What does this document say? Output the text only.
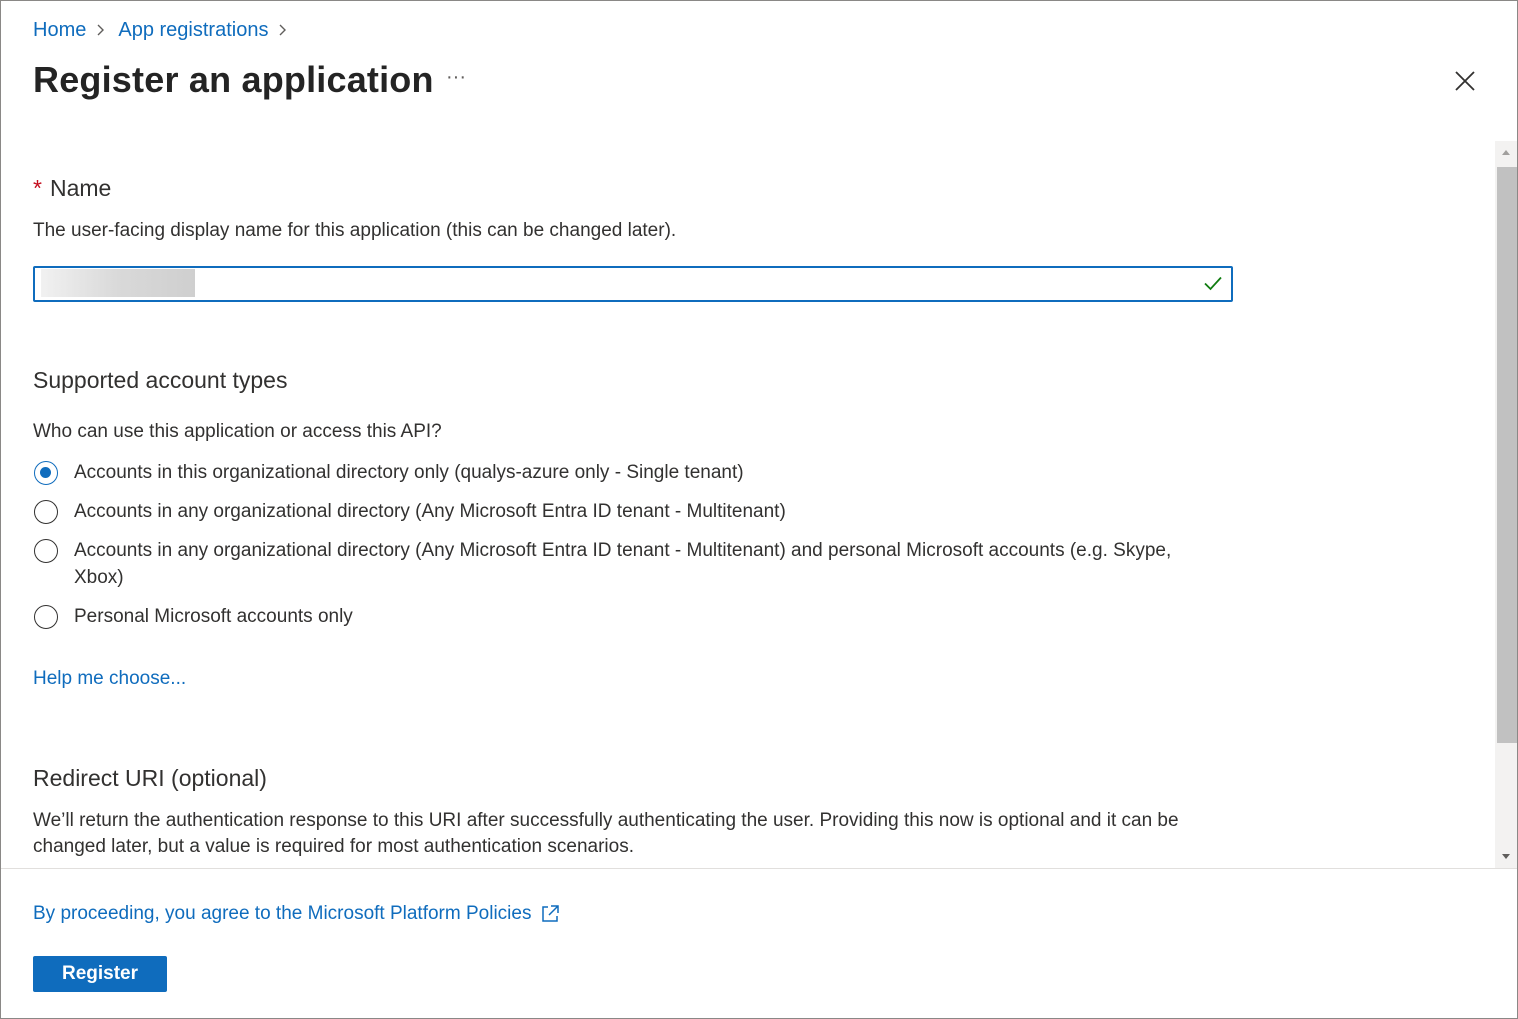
Home App registrations
Register an application ···
* Name
The user-facing display name for this application (this can be changed later).
Supported account types
Who can use this application or access this API?
Accounts in this organizational directory only (qualys-azure only - Single tenant)
Accounts in any organizational directory (Any Microsoft Entra ID tenant - Multitenant)
Accounts in any organizational directory (Any Microsoft Entra ID tenant - Multitenant) and personal Microsoft accounts (e.g. Skype, Xbox)
Personal Microsoft accounts only
Help me choose...
Redirect URI (optional)
We’ll return the authentication response to this URI after successfully authenticating the user. Providing this now is optional and it can be changed later, but a value is required for most authentication scenarios.
By proceeding, you agree to the Microsoft Platform Policies
Register
